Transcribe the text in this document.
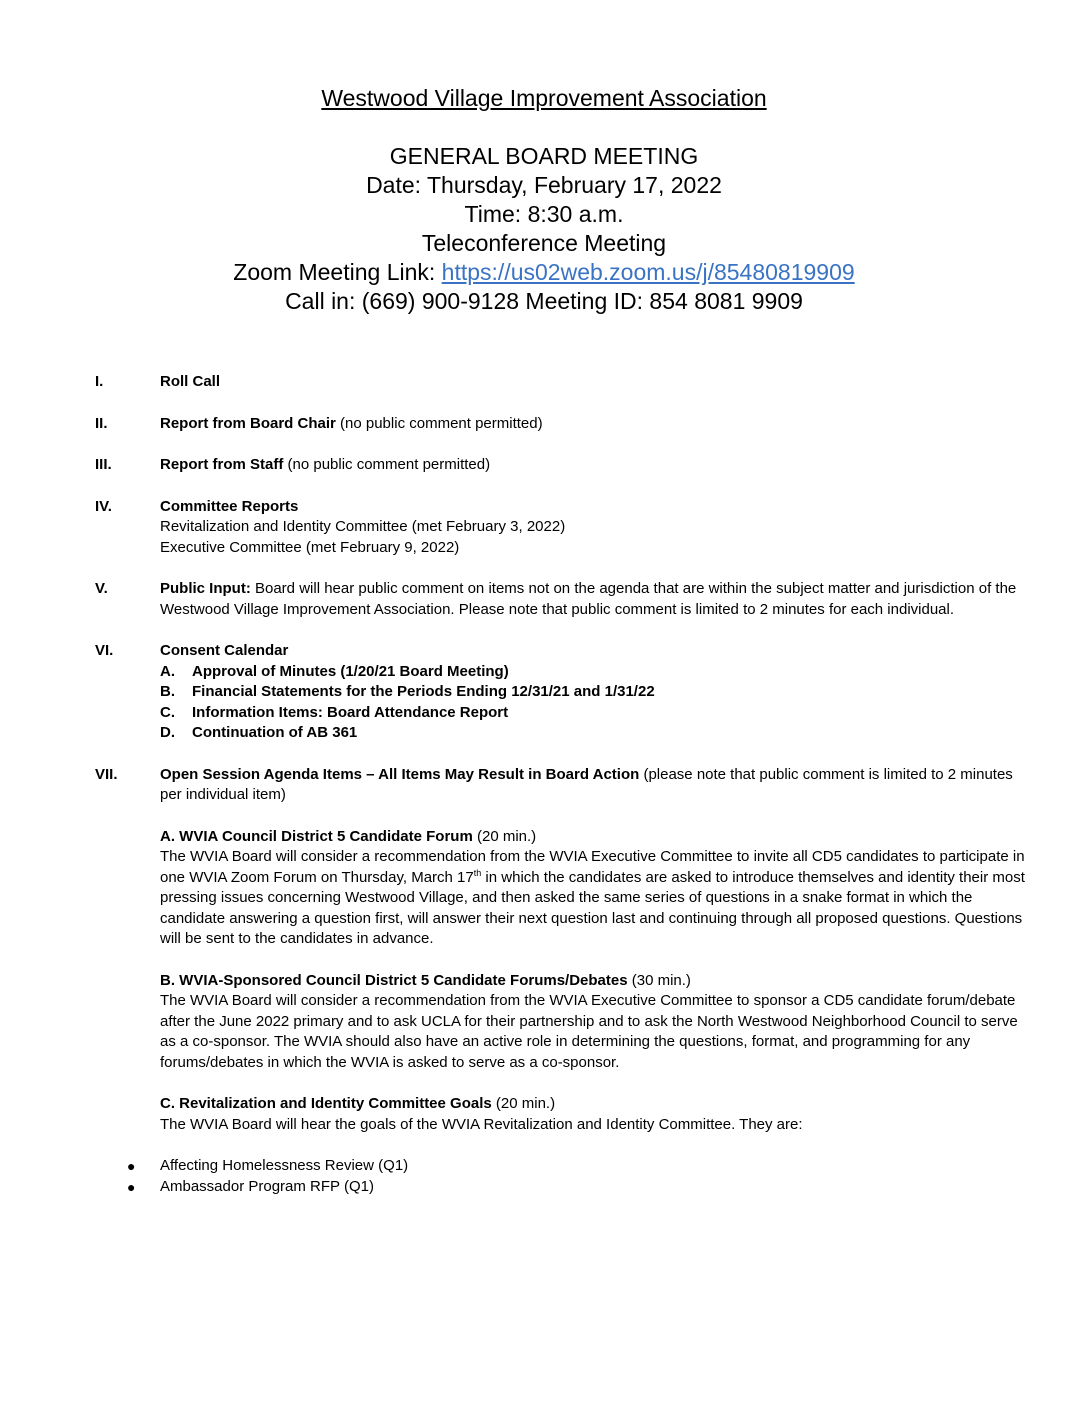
Westwood Village Improvement Association
GENERAL BOARD MEETING
Date: Thursday, February 17, 2022
Time: 8:30 a.m.
Teleconference Meeting
Zoom Meeting Link: https://us02web.zoom.us/j/85480819909
Call in: (669) 900-9128 Meeting ID: 854 8081 9909
I.	Roll Call
II.	Report from Board Chair (no public comment permitted)
III.	Report from Staff (no public comment permitted)
IV.	Committee Reports
Revitalization and Identity Committee (met February 3, 2022)
Executive Committee (met February 9, 2022)
V.	Public Input: Board will hear public comment on items not on the agenda that are within the subject matter and jurisdiction of the Westwood Village Improvement Association. Please note that public comment is limited to 2 minutes for each individual.
VI.	Consent Calendar
A. Approval of Minutes (1/20/21 Board Meeting)
B. Financial Statements for the Periods Ending 12/31/21 and 1/31/22
C. Information Items: Board Attendance Report
D. Continuation of AB 361
VII.	Open Session Agenda Items – All Items May Result in Board Action (please note that public comment is limited to 2 minutes per individual item)
A. WVIA Council District 5 Candidate Forum (20 min.)
The WVIA Board will consider a recommendation from the WVIA Executive Committee to invite all CD5 candidates to participate in one WVIA Zoom Forum on Thursday, March 17th in which the candidates are asked to introduce themselves and identity their most pressing issues concerning Westwood Village, and then asked the same series of questions in a snake format in which the candidate answering a question first, will answer their next question last and continuing through all proposed questions. Questions will be sent to the candidates in advance.
B. WVIA-Sponsored Council District 5 Candidate Forums/Debates (30 min.)
The WVIA Board will consider a recommendation from the WVIA Executive Committee to sponsor a CD5 candidate forum/debate after the June 2022 primary and to ask UCLA for their partnership and to ask the North Westwood Neighborhood Council to serve as a co-sponsor. The WVIA should also have an active role in determining the questions, format, and programming for any forums/debates in which the WVIA is asked to serve as a co-sponsor.
C. Revitalization and Identity Committee Goals (20 min.)
The WVIA Board will hear the goals of the WVIA Revitalization and Identity Committee. They are:
● Affecting Homelessness Review (Q1)
● Ambassador Program RFP (Q1)
